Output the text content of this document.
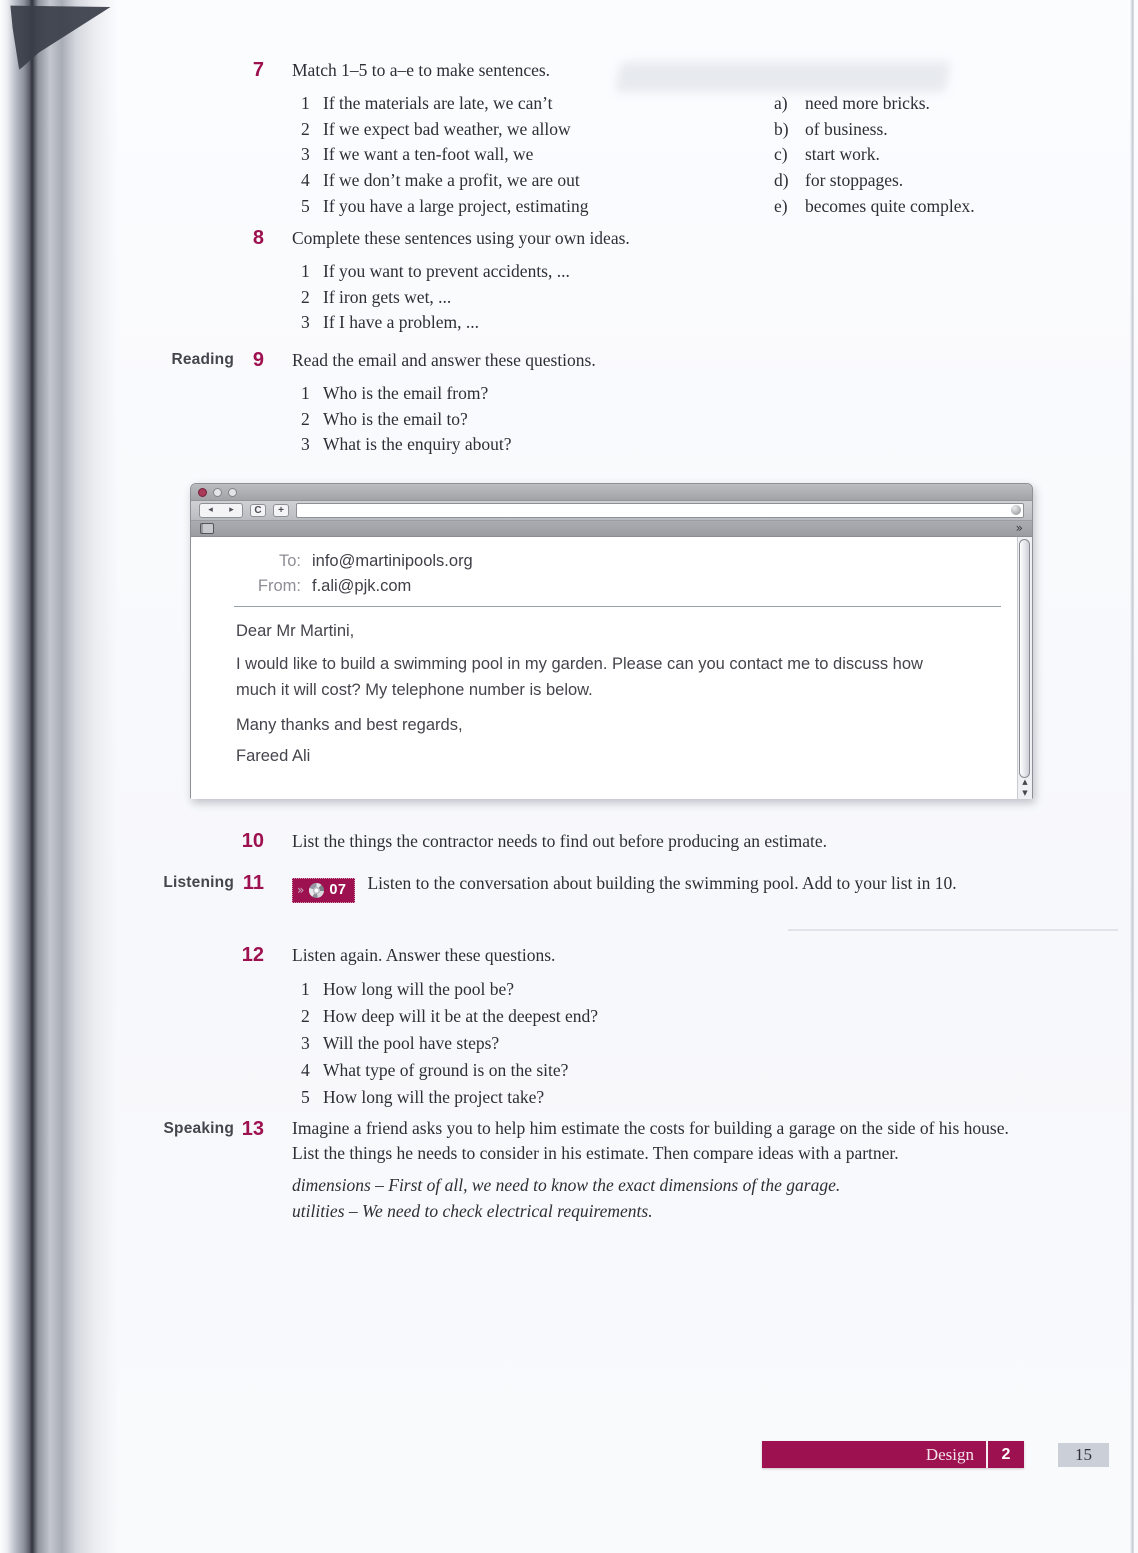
7	Match 1–5 to a–e to make sentences.
1 If the materials are late, we can’t	a) need more bricks.
2 If we expect bad weather, we allow	b) of business.
3 If we want a ten-foot wall, we	c) start work.
4 If we don’t make a profit, we are out	d) for stoppages.
5 If you have a large project, estimating	e) becomes quite complex.
8	Complete these sentences using your own ideas.
1 If you want to prevent accidents, ...
2 If iron gets wet, ...
3 If I have a problem, ...
Reading 9	Read the email and answer these questions.
1 Who is the email from?
2 Who is the email to?
3 What is the enquiry about?
◂ ▸	C	+
»
To: info@martinipools.org
From: f.ali@pjk.com
Dear Mr Martini,
I would like to build a swimming pool in my garden. Please can you contact me to discuss how much it will cost? My telephone number is below.
Many thanks and best regards,
Fareed Ali
▲
▼
10	List the things the contractor needs to find out before producing an estimate.
Listening 11	» 07 Listen to the conversation about building the swimming pool. Add to your list in 10.
12	Listen again. Answer these questions.
1 How long will the pool be?
2 How deep will it be at the deepest end?
3 Will the pool have steps?
4 What type of ground is on the site?
5 How long will the project take?
Speaking 13	Imagine a friend asks you to help him estimate the costs for building a garage on the side of his house. List the things he needs to consider in his estimate. Then compare ideas with a partner.
dimensions – First of all, we need to know the exact dimensions of the garage.
utilities – We need to check electrical requirements.
Design	2	15
